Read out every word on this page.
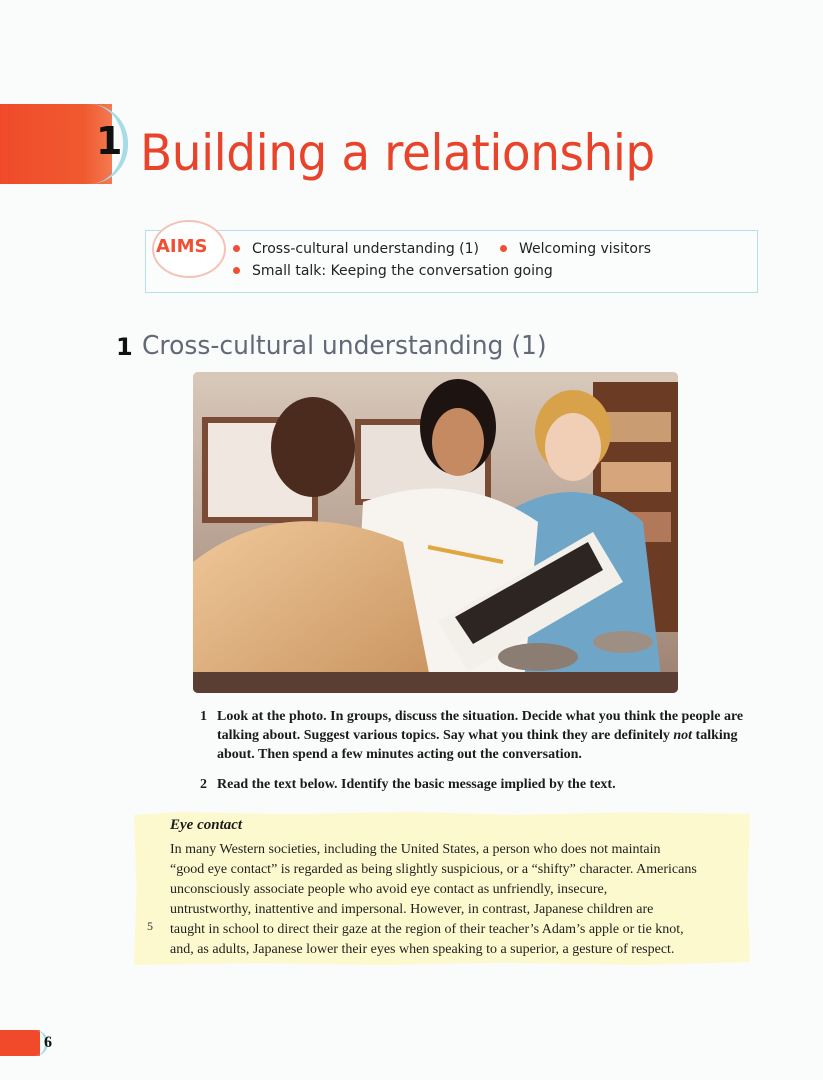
1 Building a relationship
AIMS	Cross-cultural understanding (1)	Welcoming visitors
Small talk: Keeping the conversation going
1 Cross-cultural understanding (1)
1 Look at the photo. In groups, discuss the situation. Decide what you think the people are talking about. Suggest various topics. Say what you think they are definitely not talking about. Then spend a few minutes acting out the conversation.
2 Read the text below. Identify the basic message implied by the text.
Eye contact
In many Western societies, including the United States, a person who does not maintain
“good eye contact” is regarded as being slightly suspicious, or a “shifty” character. Americans
unconsciously associate people who avoid eye contact as unfriendly, insecure,
untrustworthy, inattentive and impersonal. However, in contrast, Japanese children are
taught in school to direct their gaze at the region of their teacher’s Adam’s apple or tie knot,
and, as adults, Japanese lower their eyes when speaking to a superior, a gesture of respect.
5
6
